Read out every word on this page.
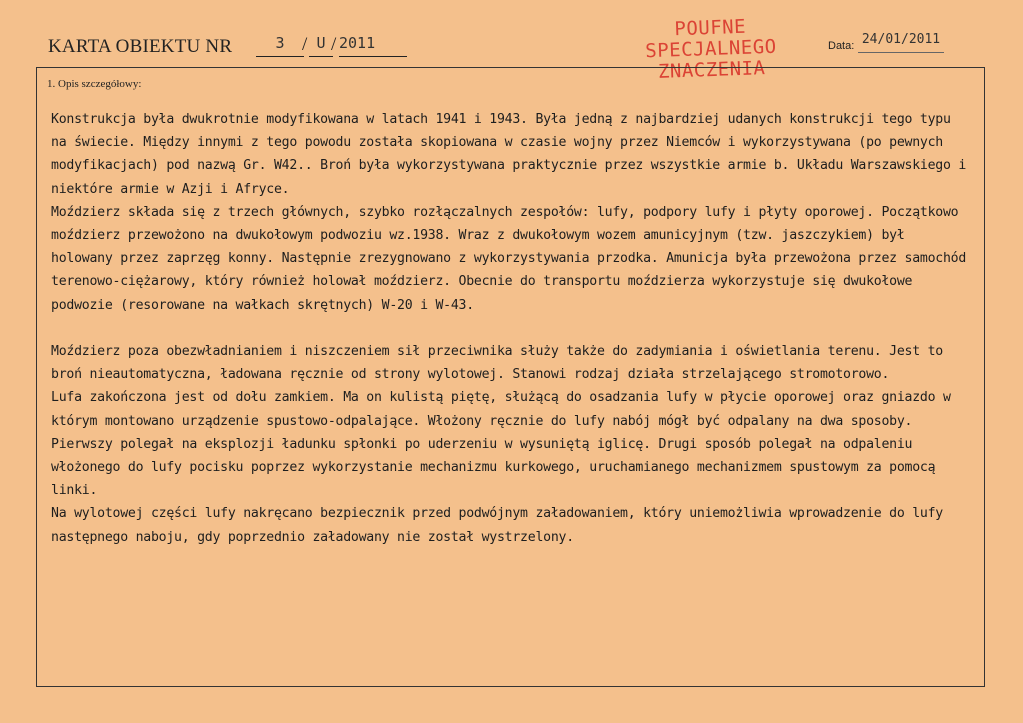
KARTA OBIEKTU NR	3 / U / 2011
POUFNE
SPECJALNEGO
ZNACZENIA
Data: 24/01/2011
1. Opis szczegółowy:

Konstrukcja była dwukrotnie modyfikowana w latach 1941 i 1943. Była jedną z najbardziej udanych konstrukcji tego typu na świecie. Między innymi z tego powodu została skopiowana w czasie wojny przez Niemców i wykorzystywana (po pewnych modyfikacjach) pod nazwą Gr. W42.. Broń była wykorzystywana praktycznie przez wszystkie armie b. Układu Warszawskiego i niektóre armie w Azji i Afryce.

Moździerz składa się z trzech głównych, szybko rozłączalnych zespołów: lufy, podpory lufy i płyty oporowej. Początkowo moździerz przewożono na dwukołowym podwoziu wz.1938. Wraz z dwukołowym wozem amunicyjnym (tzw. jaszczykiem) był holowany przez zaprzęg konny. Następnie zrezygnowano z wykorzystywania przodka. Amunicja była przewożona przez samochód terenowo-ciężarowy, który również holował moździerz. Obecnie do transportu moździerza wykorzystuje się dwukołowe podwozie (resorowane na wałkach skrętnych) W-20 i W-43.

Moździerz poza obezwładnianiem i niszczeniem sił przeciwnika służy także do zadymiania i oświetlania terenu. Jest to broń nieautomatyczna, ładowana ręcznie od strony wylotowej. Stanowi rodzaj działa strzelającego stromotorowo.

Lufa zakończona jest od dołu zamkiem. Ma on kulistą piętę, służącą do osadzania lufy w płycie oporowej oraz gniazdo w którym montowano urządzenie spustowo-odpalające. Włożony ręcznie do lufy nabój mógł być odpalany na dwa sposoby. Pierwszy polegał na eksplozji ładunku spłonki po uderzeniu w wysuniętą iglicę. Drugi sposób polegał na odpaleniu włożonego do lufy pocisku poprzez wykorzystanie mechanizmu kurkowego, uruchamianego mechanizmem spustowym za pomocą linki.

Na wylotowej części lufy nakręcano bezpiecznik przed podwójnym załadowaniem, który uniemożliwia wprowadzenie do lufy następnego naboju, gdy poprzednio załadowany nie został wystrzelony.
